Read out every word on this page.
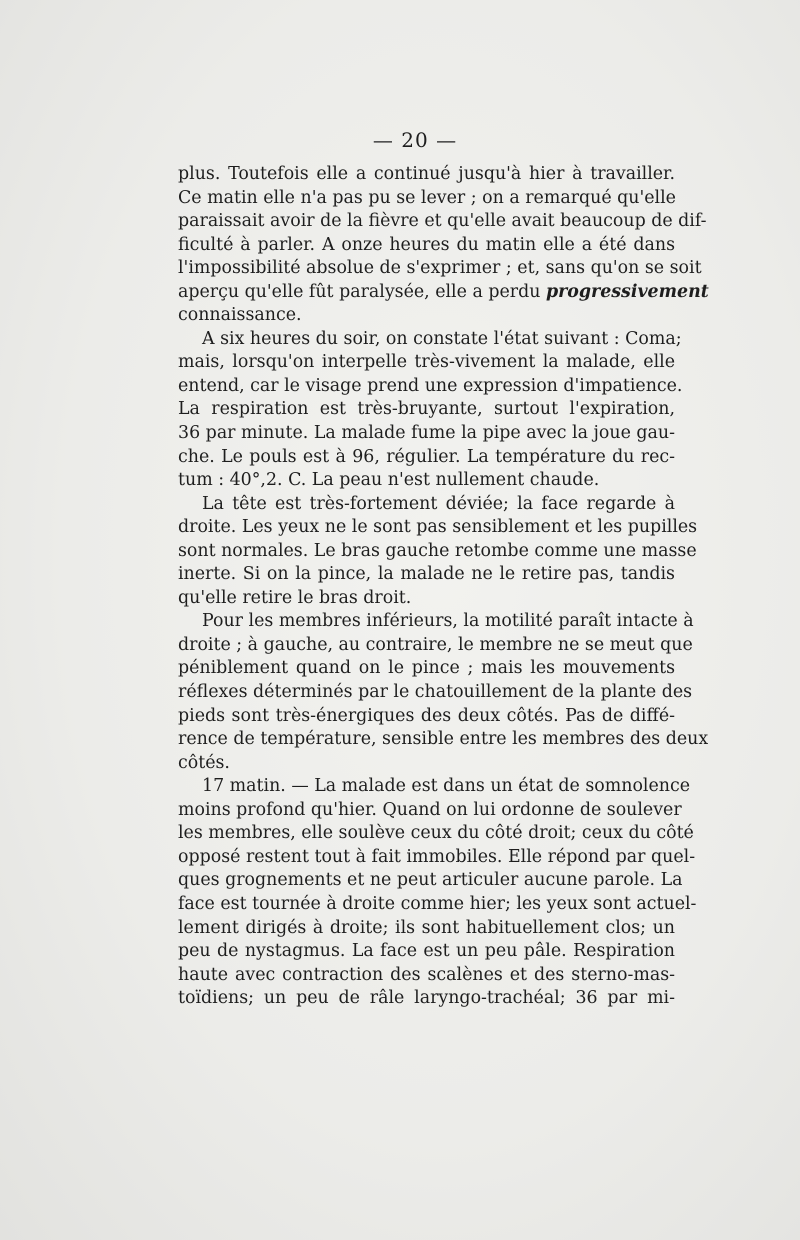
— 20 —
plus. Toutefois elle a continué jusqu'à hier à travailler.
Ce matin elle n'a pas pu se lever ; on a remarqué qu'elle
paraissait avoir de la fièvre et qu'elle avait beaucoup de dif-
ficulté à parler. A onze heures du matin elle a été dans
l'impossibilité absolue de s'exprimer ; et, sans qu'on se soit
aperçu qu'elle fût paralysée, elle a perdu progressivement
connaissance.
A six heures du soir, on constate l'état suivant : Coma;
mais, lorsqu'on interpelle très-vivement la malade, elle
entend, car le visage prend une expression d'impatience.
La respiration est très-bruyante, surtout l'expiration,
36 par minute. La malade fume la pipe avec la joue gau-
che. Le pouls est à 96, régulier. La température du rec-
tum : 40°,2. C. La peau n'est nullement chaude.
La tête est très-fortement déviée; la face regarde à
droite. Les yeux ne le sont pas sensiblement et les pupilles
sont normales. Le bras gauche retombe comme une masse
inerte. Si on la pince, la malade ne le retire pas, tandis
qu'elle retire le bras droit.
Pour les membres inférieurs, la motilité paraît intacte à
droite ; à gauche, au contraire, le membre ne se meut que
péniblement quand on le pince ; mais les mouvements
réflexes déterminés par le chatouillement de la plante des
pieds sont très-énergiques des deux côtés. Pas de diffé-
rence de température, sensible entre les membres des deux
côtés.
17 matin. — La malade est dans un état de somnolence
moins profond qu'hier. Quand on lui ordonne de soulever
les membres, elle soulève ceux du côté droit; ceux du côté
opposé restent tout à fait immobiles. Elle répond par quel-
ques grognements et ne peut articuler aucune parole. La
face est tournée à droite comme hier; les yeux sont actuel-
lement dirigés à droite; ils sont habituellement clos; un
peu de nystagmus. La face est un peu pâle. Respiration
haute avec contraction des scalènes et des sterno-mas-
toïdiens; un peu de râle laryngo-trachéal; 36 par mi-
